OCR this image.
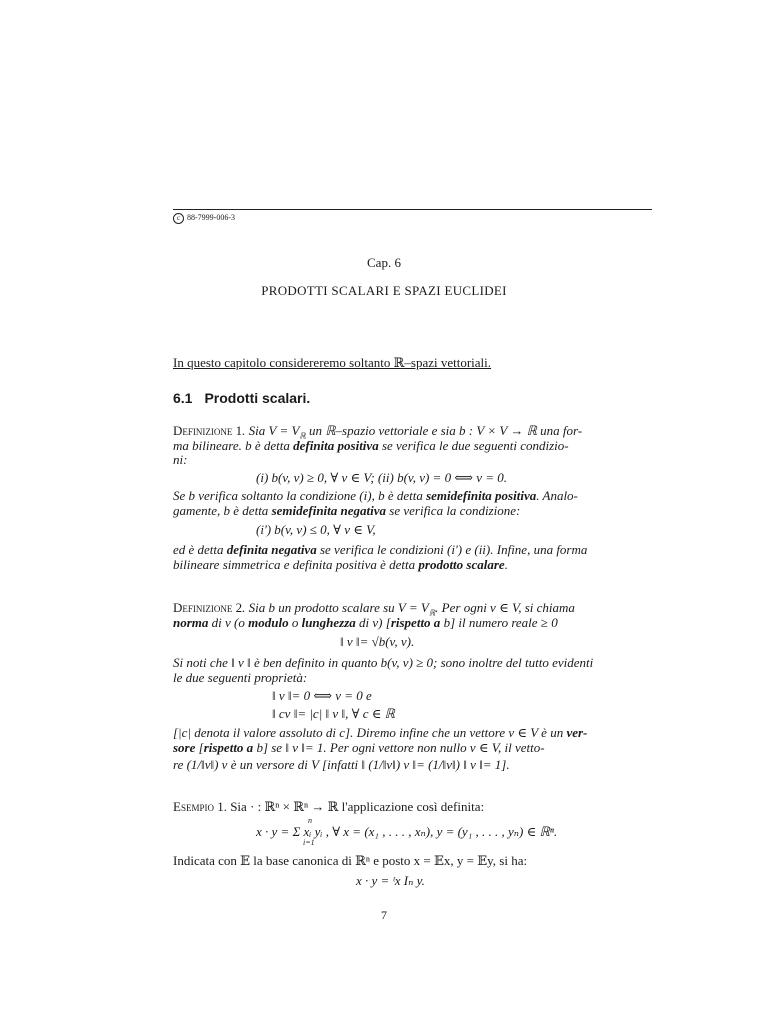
c 88-7999-006-3
Cap. 6
PRODOTTI SCALARI E SPAZI EUCLIDEI
In questo capitolo considereremo soltanto ℝ–spazi vettoriali.
6.1 Prodotti scalari.
Definizione 1. Sia $V = V_ℝ$ un ℝ–spazio vettoriale e sia b : V × V → ℝ una for-
ma bilineare. b è detta definita positiva se verifica le due seguenti condizio-
ni:
(i) b(v, v) ≥ 0, ∀ v ∈ V; (ii) b(v, v) = 0 ⟺ v = 0.
Se b verifica soltanto la condizione (i), b è detta semidefinita positiva. Analo-
gamente, b è detta semidefinita negativa se verifica la condizione:
(i') b(v, v) ≤ 0, ∀ v ∈ V,
ed è detta definita negativa se verifica le condizioni (i') e (ii). Infine, una forma
bilineare simmetrica e definita positiva è detta prodotto scalare.
Definizione 2. Sia b un prodotto scalare su $V = V_ℝ$. Per ogni v ∈ V, si chiama
norma di v (o modulo o lunghezza di v) [rispetto a b] il numero reale ≥ 0
‖ v ‖= √b(v, v).
Si noti che ‖ v ‖ è ben definito in quanto b(v, v) ≥ 0; sono inoltre del tutto evidenti
le due seguenti proprietà:
‖ v ‖= 0 ⟺ v = 0 e
‖ cv ‖= |c| ‖ v ‖, ∀ c ∈ ℝ
[|c| denota il valore assoluto di c]. Diremo infine che un vettore v ∈ V è un ver-
sore [rispetto a b] se ‖ v ‖= 1. Per ogni vettore non nullo v ∈ V, il vetto-
re (1/‖v‖) v è un versore di V [infatti ‖ (1/‖v‖) v ‖= (1/‖v‖) ‖ v ‖= 1].
Esempio 1. Sia · : ℝⁿ × ℝⁿ → ℝ l'applicazione così definita:
n
i=1
x · y = Σ xᵢ yᵢ , ∀ x = (x₁ , . . . , xₙ), y = (y₁ , . . . , yₙ) ∈ ℝⁿ.
Indicata con 𝔼 la base canonica di ℝⁿ e posto x = 𝔼x, y = 𝔼y, si ha:
x · y = ᵗx Iₙ y.
7
